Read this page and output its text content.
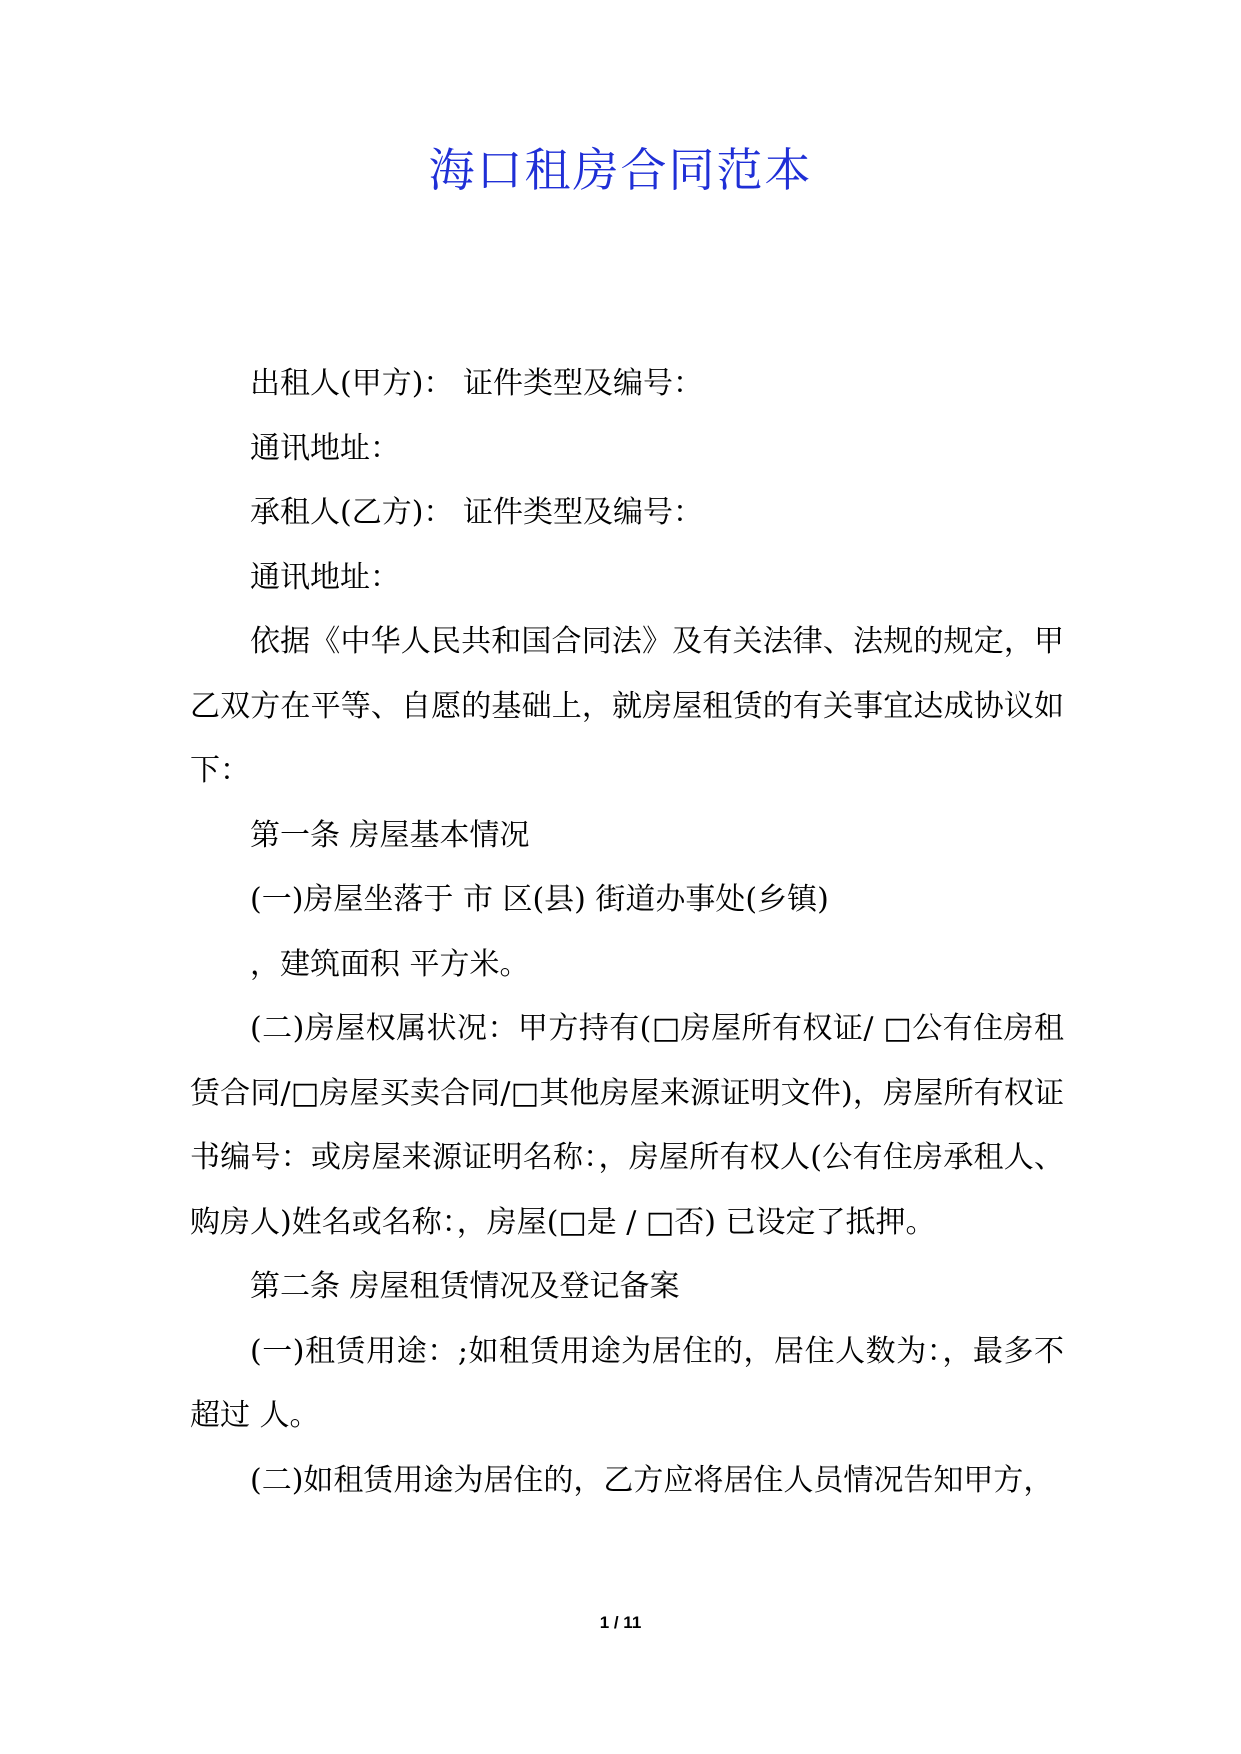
海口租房合同范本

出租人(甲方)： 证件类型及编号：

通讯地址：

承租人(乙方)： 证件类型及编号：

通讯地址：

依据《中华人民共和国合同法》及有关法律、法规的规定，甲乙双方在平等、自愿的基础上，就房屋租赁的有关事宜达成协议如下：

第一条 房屋基本情况

(一)房屋坐落于 市 区(县) 街道办事处(乡镇)

，建筑面积 平方米。

(二)房屋权属状况：甲方持有(□房屋所有权证/ □公有住房租赁合同/□房屋买卖合同/□其他房屋来源证明文件)，房屋所有权证书编号：或房屋来源证明名称：，房屋所有权人(公有住房承租人、购房人)姓名或名称：，房屋(□是 / □否) 已设定了抵押。

第二条 房屋租赁情况及登记备案

(一)租赁用途：;如租赁用途为居住的，居住人数为：，最多不超过 人。

(二)如租赁用途为居住的，乙方应将居住人员情况告知甲方，

1 / 11
